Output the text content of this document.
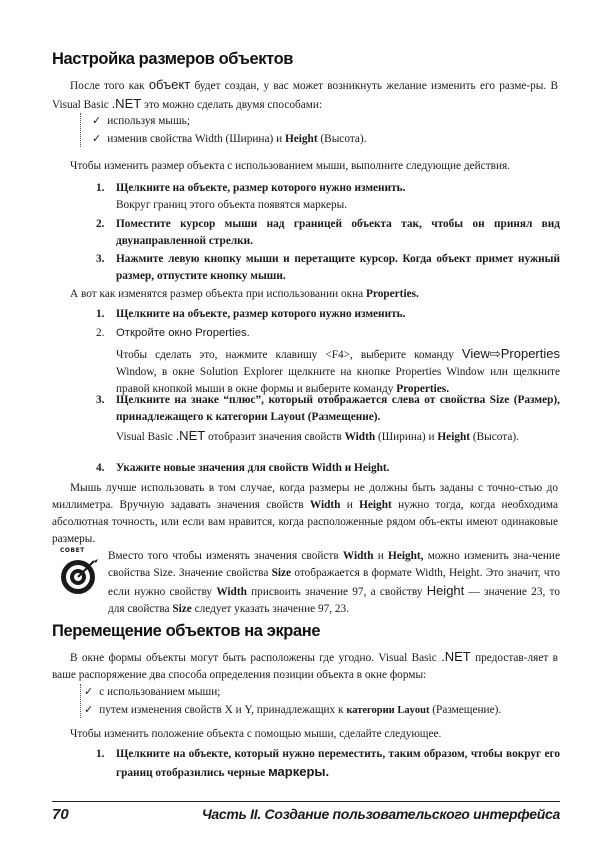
Настройка размеров объектов
После того как объект будет создан, у вас может возникнуть желание изменить его разме-ры. В Visual Basic .NET это можно сделать двумя способами:
✓ используя мышь;
✓ изменив свойства Width (Ширина) и Height (Высота).
Чтобы изменить размер объекта с использованием мыши, выполните следующие действия.
1.	Щелкните на объекте, размер которого нужно изменить.
Вокруг границ этого объекта появятся маркеры.
2.	Поместите курсор мыши над границей объекта так, чтобы он принял вид двунаправленной стрелки.
3.	Нажмите левую кнопку мыши и перетащите курсор. Когда объект примет нужный размер, отпустите кнопку мыши.
А вот как изменятся размер объекта при использовании окна Properties.
1.	Щелкните на объекте, размер которого нужно изменить.
2.	Откройте окно Properties.
Чтобы сделать это, нажмите клавишу <F4>, выберите команду View⇨Properties Window, в окне Solution Explorer щелкните на кнопке Properties Window или щелкните правой кнопкой мыши в окне формы и выберите команду Properties.
3.	Щелкните на знаке “плюс”, который отображается слева от свойства Size (Размер), принадлежащего к категории Layout (Размещение).
Visual Basic .NET отобразит значения свойств Width (Ширина) и Height (Высота).
4.	Укажите новые значения для свойств Width и Height.
Мышь лучше использовать в том случае, когда размеры не должны быть заданы с точно-стью до миллиметра. Вручную задавать значения свойств Width и Height нужно тогда, когда необходима абсолютная точность, или если вам нравится, когда расположенные рядом объ-екты имеют одинаковые размеры.
СОВЕТ Вместо того чтобы изменять значения свойств Width и Height, можно изменить зна-чение свойства Size. Значение свойства Size отображается в формате Width, Height. Это значит, что если нужно свойству Width присвоить значение 97, а свойству Height — значение 23, то для свойства Size следует указать значение 97, 23.
Перемещение объектов на экране
В окне формы объекты могут быть расположены где угодно. Visual Basic .NET предостав-ляет в ваше распоряжение два способа определения позиции объекта в окне формы:
✓ с использованием мыши;
✓ путем изменения свойств X и Y, принадлежащих к категории Layout (Размещение).
Чтобы изменить положение объекта с помощью мыши, сделайте следующее.
1.	Щелкните на объекте, который нужно переместить, таким образом, чтобы вокруг его границ отобразились черные маркеры.
70	Часть II. Создание пользовательского интерфейса
